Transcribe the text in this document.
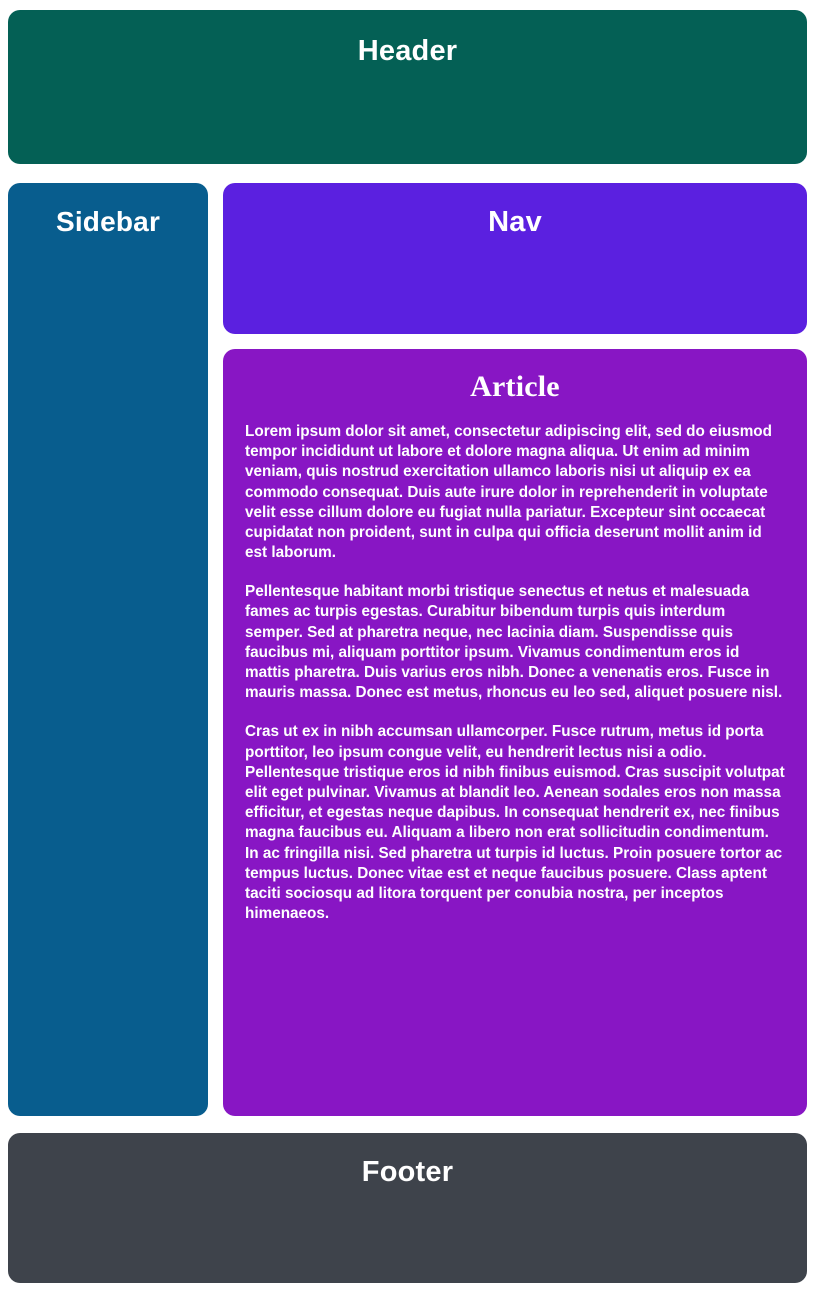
Header
Sidebar	Nav
Article

Lorem ipsum dolor sit amet, consectetur adipiscing elit, sed do eiusmod tempor incididunt ut labore et dolore magna aliqua. Ut enim ad minim veniam, quis nostrud exercitation ullamco laboris nisi ut aliquip ex ea commodo consequat. Duis aute irure dolor in reprehenderit in voluptate velit esse cillum dolore eu fugiat nulla pariatur. Excepteur sint occaecat cupidatat non proident, sunt in culpa qui officia deserunt mollit anim id est laborum.

Pellentesque habitant morbi tristique senectus et netus et malesuada fames ac turpis egestas. Curabitur bibendum turpis quis interdum semper. Sed at pharetra neque, nec lacinia diam. Suspendisse quis faucibus mi, aliquam porttitor ipsum. Vivamus condimentum eros id mattis pharetra. Duis varius eros nibh. Donec a venenatis eros. Fusce in mauris massa. Donec est metus, rhoncus eu leo sed, aliquet posuere nisl.

Cras ut ex in nibh accumsan ullamcorper. Fusce rutrum, metus id porta porttitor, leo ipsum congue velit, eu hendrerit lectus nisi a odio. Pellentesque tristique eros id nibh finibus euismod. Cras suscipit volutpat elit eget pulvinar. Vivamus at blandit leo. Aenean sodales eros non massa efficitur, et egestas neque dapibus. In consequat hendrerit ex, nec finibus magna faucibus eu. Aliquam a libero non erat sollicitudin condimentum. In ac fringilla nisi. Sed pharetra ut turpis id luctus. Proin posuere tortor ac tempus luctus. Donec vitae est et neque faucibus posuere. Class aptent taciti sociosqu ad litora torquent per conubia nostra, per inceptos himenaeos.

Footer
